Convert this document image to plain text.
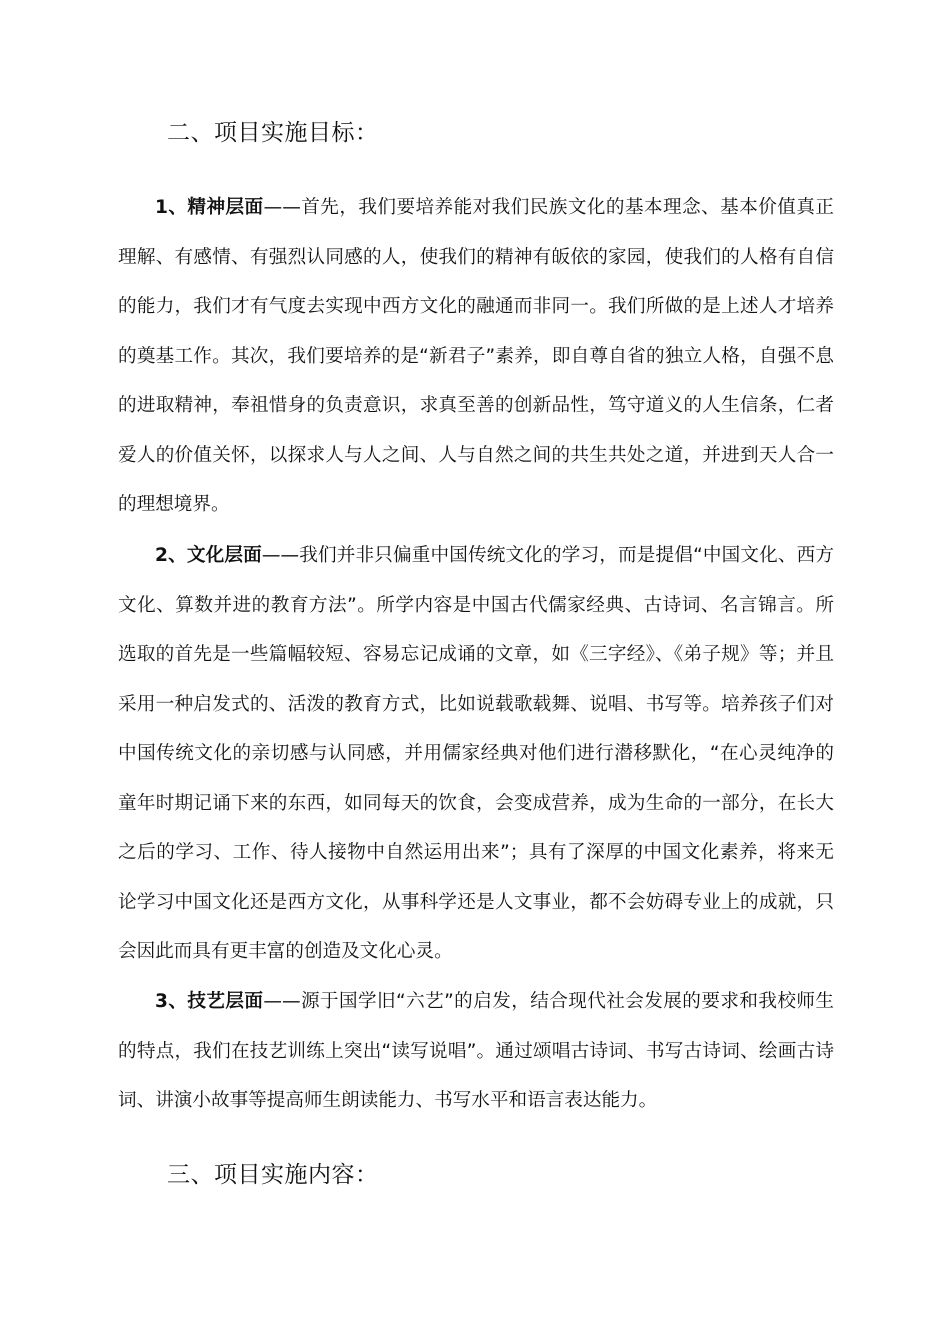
二、项目实施目标：

1、精神层面——首先，我们要培养能对我们民族文化的基本理念、基本价值真正理解、有感情、有强烈认同感的人，使我们的精神有皈依的家园，使我们的人格有自信的能力，我们才有气度去实现中西方文化的融通而非同一。我们所做的是上述人才培养的奠基工作。其次，我们要培养的是“新君子”素养，即自尊自省的独立人格，自强不息的进取精神，奉祖惜身的负责意识，求真至善的创新品性，笃守道义的人生信条，仁者爱人的价值关怀，以探求人与人之间、人与自然之间的共生共处之道，并进到天人合一的理想境界。

2、文化层面——我们并非只偏重中国传统文化的学习，而是提倡“中国文化、西方文化、算数并进的教育方法”。所学内容是中国古代儒家经典、古诗词、名言锦言。所选取的首先是一些篇幅较短、容易忘记成诵的文章，如《三字经》、《弟子规》等；并且采用一种启发式的、活泼的教育方式，比如说载歌载舞、说唱、书写等。培养孩子们对中国传统文化的亲切感与认同感，并用儒家经典对他们进行潜移默化，“在心灵纯净的童年时期记诵下来的东西，如同每天的饮食，会变成营养，成为生命的一部分，在长大之后的学习、工作、待人接物中自然运用出来”；具有了深厚的中国文化素养，将来无论学习中国文化还是西方文化，从事科学还是人文事业，都不会妨碍专业上的成就，只会因此而具有更丰富的创造及文化心灵。

3、技艺层面——源于国学旧“六艺”的启发，结合现代社会发展的要求和我校师生的特点，我们在技艺训练上突出“读写说唱”。通过颂唱古诗词、书写古诗词、绘画古诗词、讲演小故事等提高师生朗读能力、书写水平和语言表达能力。

三、项目实施内容：
